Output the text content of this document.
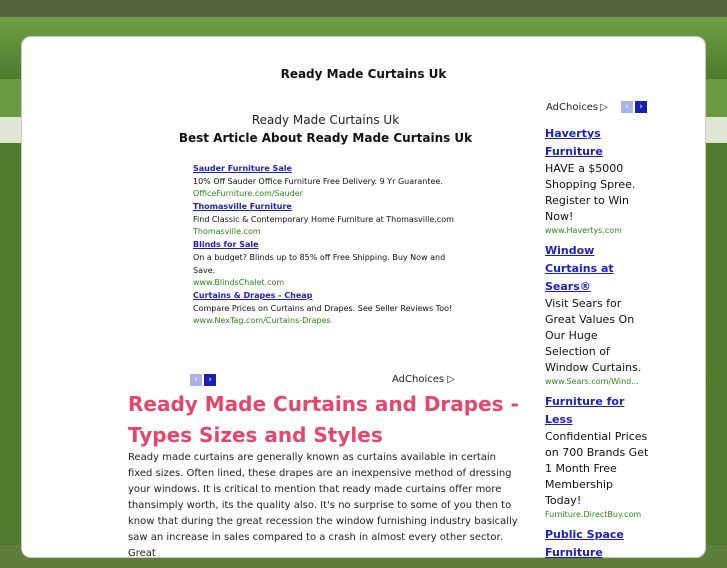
Ready Made Curtains Uk
AdChoices ▷	‹ ›
Ready Made Curtains Uk
Best Article About Ready Made Curtains Uk
Sauder Furniture Sale
10% Off Sauder Office Furniture Free Delivery. 9 Yr Guarantee.
OfficeFurniture.com/Sauder
Thomasville Furniture
Find Classic & Contemporary Home Furniture at Thomasville.com
Thomasville.com
Blinds for Sale
On a budget? Blinds up to 85% off Free Shipping. Buy Now and Save.
www.BlindsChalet.com
Curtains & Drapes - Cheap
Compare Prices on Curtains and Drapes. See Seller Reviews Too!
www.NexTag.com/Curtains-Drapes
‹ ›	AdChoices ▷
Ready Made Curtains and Drapes - Types Sizes and Styles
Ready made curtains are generally known as curtains available in certain fixed sizes. Often lined, these drapes are an inexpensive method of dressing your windows. It is critical to mention that ready made curtains offer more thansimply worth, its the quality also. It's no surprise to some of you then to know that during the great recession the window furnishing industry basically saw an increase in sales compared to a crash in almost every other sector. Great
Havertys Furniture
HAVE a $5000 Shopping Spree. Register to Win Now!
www.Havertys.com
Window Curtains at Sears®
Visit Sears for Great Values On Our Huge Selection of Window Curtains.
www.Sears.com/Wind...
Furniture for Less
Confidential Prices on 700 Brands Get 1 Month Free Membership Today!
Furniture.DirectBuy.com
Public Space Furniture
